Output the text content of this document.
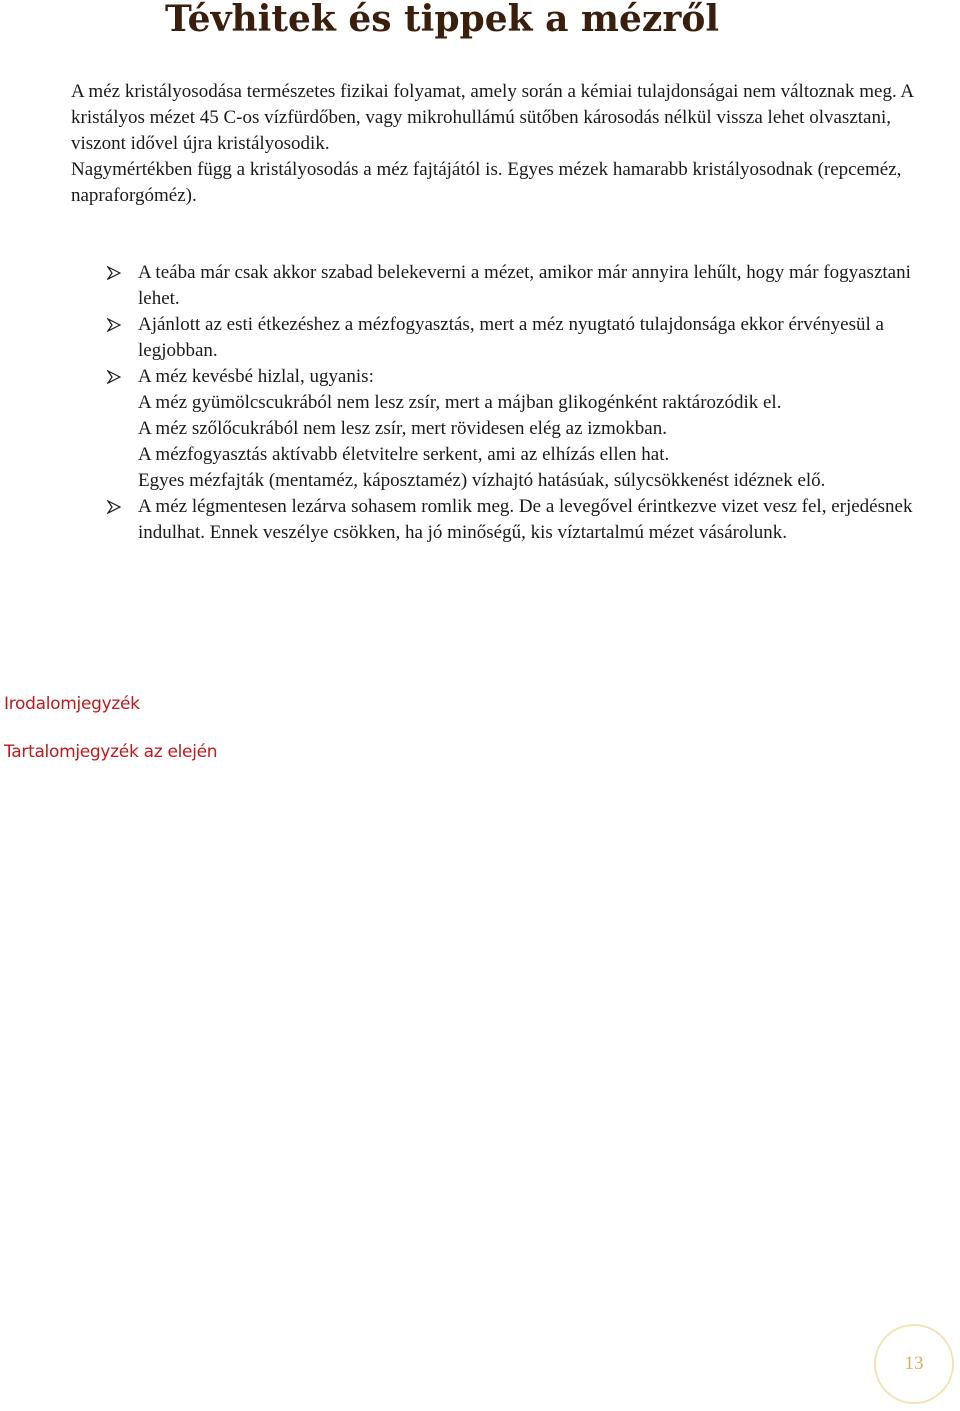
Tévhitek és tippek a mézről

A méz kristályosodása természetes fizikai folyamat, amely során a kémiai tulajdonságai nem változnak meg. A kristályos mézet 45 C-os vízfürdőben, vagy mikrohullámú sütőben károsodás nélkül vissza lehet olvasztani, viszont idővel újra kristályosodik.

Nagymértékben függ a kristályosodás a méz fajtájától is. Egyes mézek hamarabb kristályosodnak (repceméz, napraforgóméz).

A teába már csak akkor szabad belekeverni a mézet, amikor már annyira lehűlt, hogy már fogyasztani lehet.

Ajánlott az esti étkezéshez a mézfogyasztás, mert a méz nyugtató tulajdonsága ekkor érvényesül a legjobban.

A méz kevésbé hizlal, ugyanis:

A méz gyümölcscukrából nem lesz zsír, mert a májban glikogénként raktározódik el.

A méz szőlőcukrából nem lesz zsír, mert rövidesen elég az izmokban.

A mézfogyasztás aktívabb életvitelre serkent, ami az elhízás ellen hat.

Egyes mézfajták (mentaméz, káposztaméz) vízhajtó hatásúak, súlycsökkenést idéznek elő.

A méz légmentesen lezárva sohasem romlik meg. De a levegővel érintkezve vizet vesz fel, erjedésnek indulhat. Ennek veszélye csökken, ha jó minőségű, kis víztartalmú mézet vásárolunk.

Irodalomjegyzék
Tartalomjegyzék az elején
13
